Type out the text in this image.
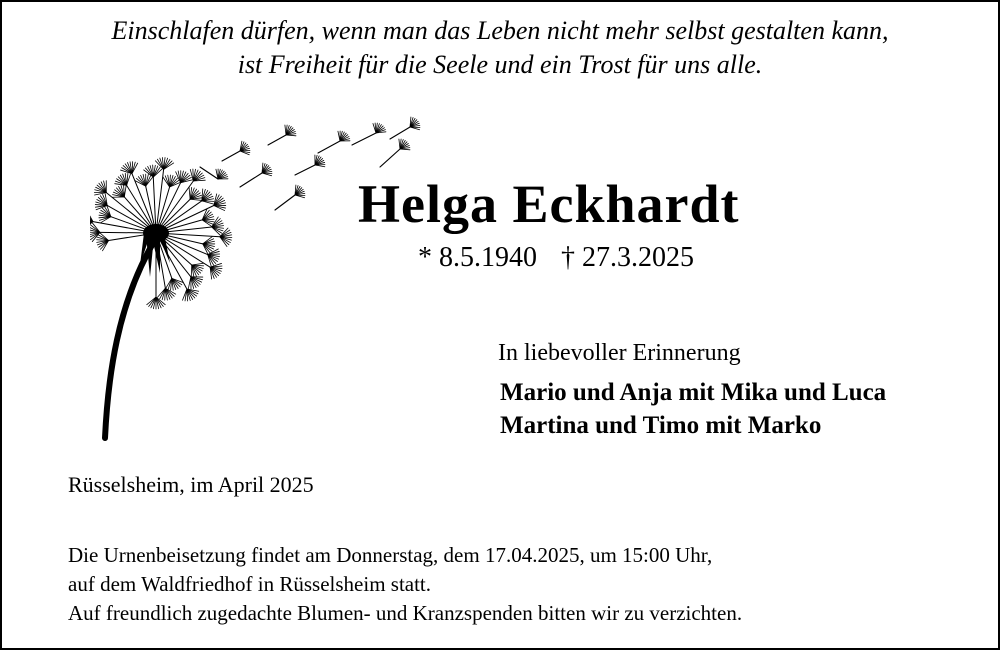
Einschlafen dürfen, wenn man das Leben nicht mehr selbst gestalten kann,
ist Freiheit für die Seele und ein Trost für uns alle.
Helga Eckhardt
* 8.5.1940 † 27.3.2025
In liebevoller Erinnerung
Mario und Anja mit Mika und Luca
Martina und Timo mit Marko
Rüsselsheim, im April 2025
Die Urnenbeisetzung findet am Donnerstag, dem 17.04.2025, um 15:00 Uhr,
auf dem Waldfriedhof in Rüsselsheim statt.
Auf freundlich zugedachte Blumen- und Kranzspenden bitten wir zu verzichten.
